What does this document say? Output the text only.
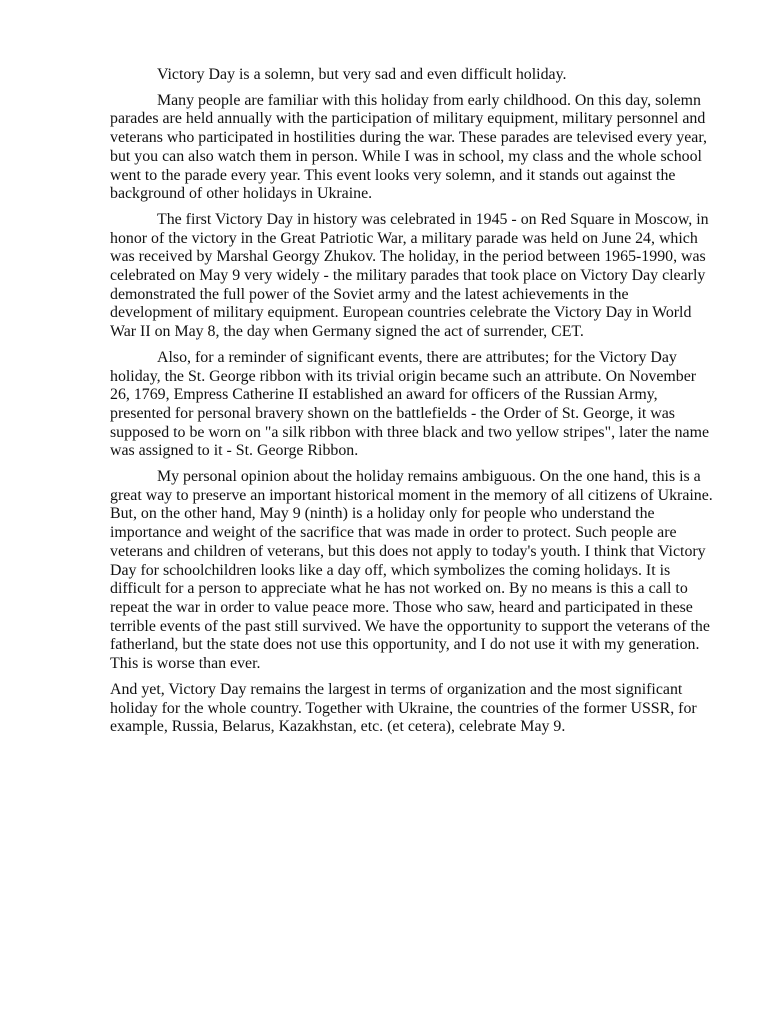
Victory Day is a solemn, but very sad and even difficult holiday.

Many people are familiar with this holiday from early childhood. On this day, solemn parades are held annually with the participation of military equipment, military personnel and veterans who participated in hostilities during the war. These parades are televised every year, but you can also watch them in person. While I was in school, my class and the whole school went to the parade every year. This event looks very solemn, and it stands out against the background of other holidays in Ukraine.

The first Victory Day in history was celebrated in 1945 - on Red Square in Moscow, in honor of the victory in the Great Patriotic War, a military parade was held on June 24, which was received by Marshal Georgy Zhukov. The holiday, in the period between 1965-1990, was celebrated on May 9 very widely - the military parades that took place on Victory Day clearly demonstrated the full power of the Soviet army and the latest achievements in the development of military equipment. European countries celebrate the Victory Day in World War II on May 8, the day when Germany signed the act of surrender, CET.

Also, for a reminder of significant events, there are attributes; for the Victory Day holiday, the St. George ribbon with its trivial origin became such an attribute. On November 26, 1769, Empress Catherine II established an award for officers of the Russian Army, presented for personal bravery shown on the battlefields - the Order of St. George, it was supposed to be worn on "a silk ribbon with three black and two yellow stripes", later the name was assigned to it - St. George Ribbon.

My personal opinion about the holiday remains ambiguous. On the one hand, this is a great way to preserve an important historical moment in the memory of all citizens of Ukraine. But, on the other hand, May 9 (ninth) is a holiday only for people who understand the importance and weight of the sacrifice that was made in order to protect. Such people are veterans and children of veterans, but this does not apply to today's youth. I think that Victory Day for schoolchildren looks like a day off, which symbolizes the coming holidays. It is difficult for a person to appreciate what he has not worked on. By no means is this a call to repeat the war in order to value peace more. Those who saw, heard and participated in these terrible events of the past still survived. We have the opportunity to support the veterans of the fatherland, but the state does not use this opportunity, and I do not use it with my generation. This is worse than ever.

And yet, Victory Day remains the largest in terms of organization and the most significant holiday for the whole country. Together with Ukraine, the countries of the former USSR, for example, Russia, Belarus, Kazakhstan, etc. (et cetera), celebrate May 9.
